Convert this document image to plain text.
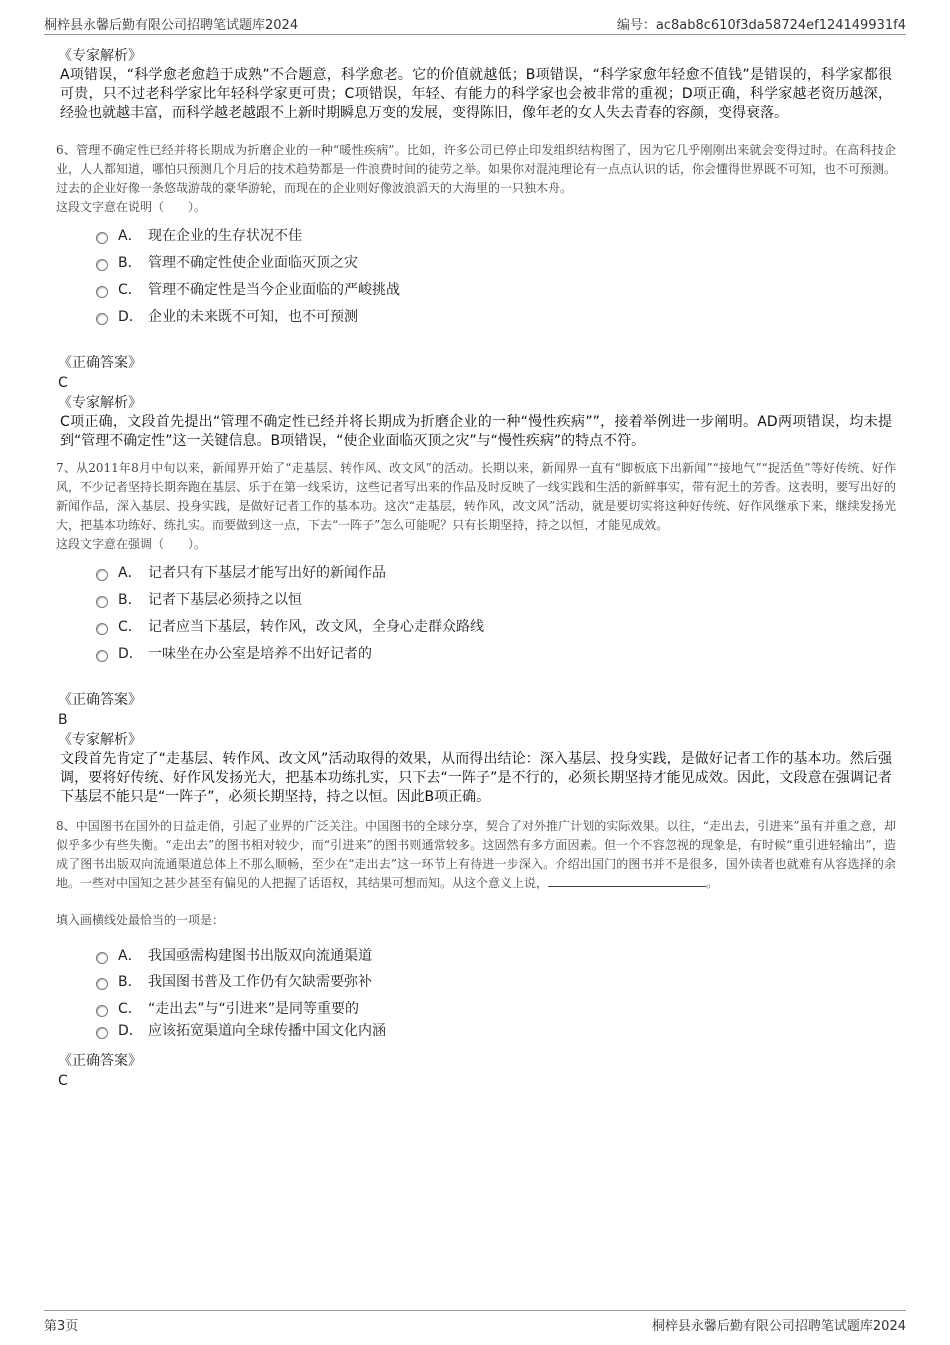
桐梓县永馨后勤有限公司招聘笔试题库2024	编号：ac8ab8c610f3da58724ef124149931f4
《专家解析》
A项错误，“科学愈老愈趋于成熟”不合题意，科学愈老。它的价值就越低；B项错误，“科学家愈年轻愈不值钱”是错误的，科学家都很可贵，只不过老科学家比年轻科学家更可贵；C项错误，年轻、有能力的科学家也会被非常的重视；D项正确，科学家越老资历越深，经验也就越丰富，而科学越老越跟不上新时期瞬息万变的发展，变得陈旧，像年老的女人失去青春的容颜，变得衰落。
6、管理不确定性已经并将长期成为折磨企业的一种“暖性疾病”。比如，许多公司已停止印发组织结构图了，因为它几乎刚刚出来就会变得过时。在高科技企业，人人都知道，哪怕只预测几个月后的技术趋势都是一件浪费时间的徒劳之举。如果你对混沌理论有一点点认识的话，你会懂得世界既不可知，也不可预测。过去的企业好像一条悠哉游哉的豪华游轮，而现在的企业则好像波浪滔天的大海里的一只独木舟。
这段文字意在说明（　　）。
A． 现在企业的生存状况不佳
B． 管理不确定性使企业面临灭顶之灾
C． 管理不确定性是当今企业面临的严峻挑战
D． 企业的未来既不可知，也不可预测
《正确答案》
C
《专家解析》
C项正确，文段首先提出“管理不确定性已经并将长期成为折磨企业的一种“慢性疾病””，接着举例进一步阐明。AD两项错误，均未提到“管理不确定性”这一关键信息。B项错误，“使企业面临灭顶之灾”与“慢性疾病”的特点不符。
7、从2011年8月中旬以来，新闻界开始了“走基层、转作风、改文风”的活动。长期以来，新闻界一直有“脚板底下出新闻”“接地气”“捉活鱼”等好传统、好作风，不少记者坚持长期奔跑在基层、乐于在第一线采访，这些记者写出来的作品及时反映了一线实践和生活的新鲜事实，带有泥土的芳香。这表明，要写出好的新闻作品，深入基层、投身实践，是做好记者工作的基本功。这次“走基层，转作风，改文风”活动，就是要切实将这种好传统、好作风继承下来，继续发扬光大，把基本功练好、练扎实。而要做到这一点，下去“一阵子”怎么可能呢？只有长期坚持，持之以恒，才能见成效。
这段文字意在强调（　　）。
A． 记者只有下基层才能写出好的新闻作品
B． 记者下基层必须持之以恒
C． 记者应当下基层，转作风，改文风，全身心走群众路线
D． 一味坐在办公室是培养不出好记者的
《正确答案》
B
《专家解析》
文段首先肯定了“走基层、转作风、改文风”活动取得的效果，从而得出结论：深入基层、投身实践，是做好记者工作的基本功。然后强调，要将好传统、好作风发扬光大，把基本功练扎实，只下去“一阵子”是不行的，必须长期坚持才能见成效。因此，文段意在强调记者下基层不能只是“一阵子”，必须长期坚持，持之以恒。因此B项正确。
8、中国图书在国外的日益走俏，引起了业界的广泛关注。中国图书的全球分享，契合了对外推广计划的实际效果。以往，“走出去，引进来”虽有并重之意，却似乎多少有些失衡。“走出去”的图书相对较少，而“引进来”的图书则通常较多。这固然有多方面因素。但一个不容忽视的现象是，有时候“重引进轻输出”，造成了图书出版双向流通渠道总体上不那么顺畅，至少在“走出去”这一环节上有待进一步深入。介绍出国门的图书并不是很多，国外读者也就难有从容选择的余地。一些对中国知之甚少甚至有偏见的人把握了话语权，其结果可想而知。从这个意义上说，	。
填入画横线处最恰当的一项是：
A． 我国亟需构建图书出版双向流通渠道
B． 我国图书普及工作仍有欠缺需要弥补
C． “走出去”与“引进来”是同等重要的
D． 应该拓宽渠道向全球传播中国文化内涵
《正确答案》
C
第3页	桐梓县永馨后勤有限公司招聘笔试题库2024
